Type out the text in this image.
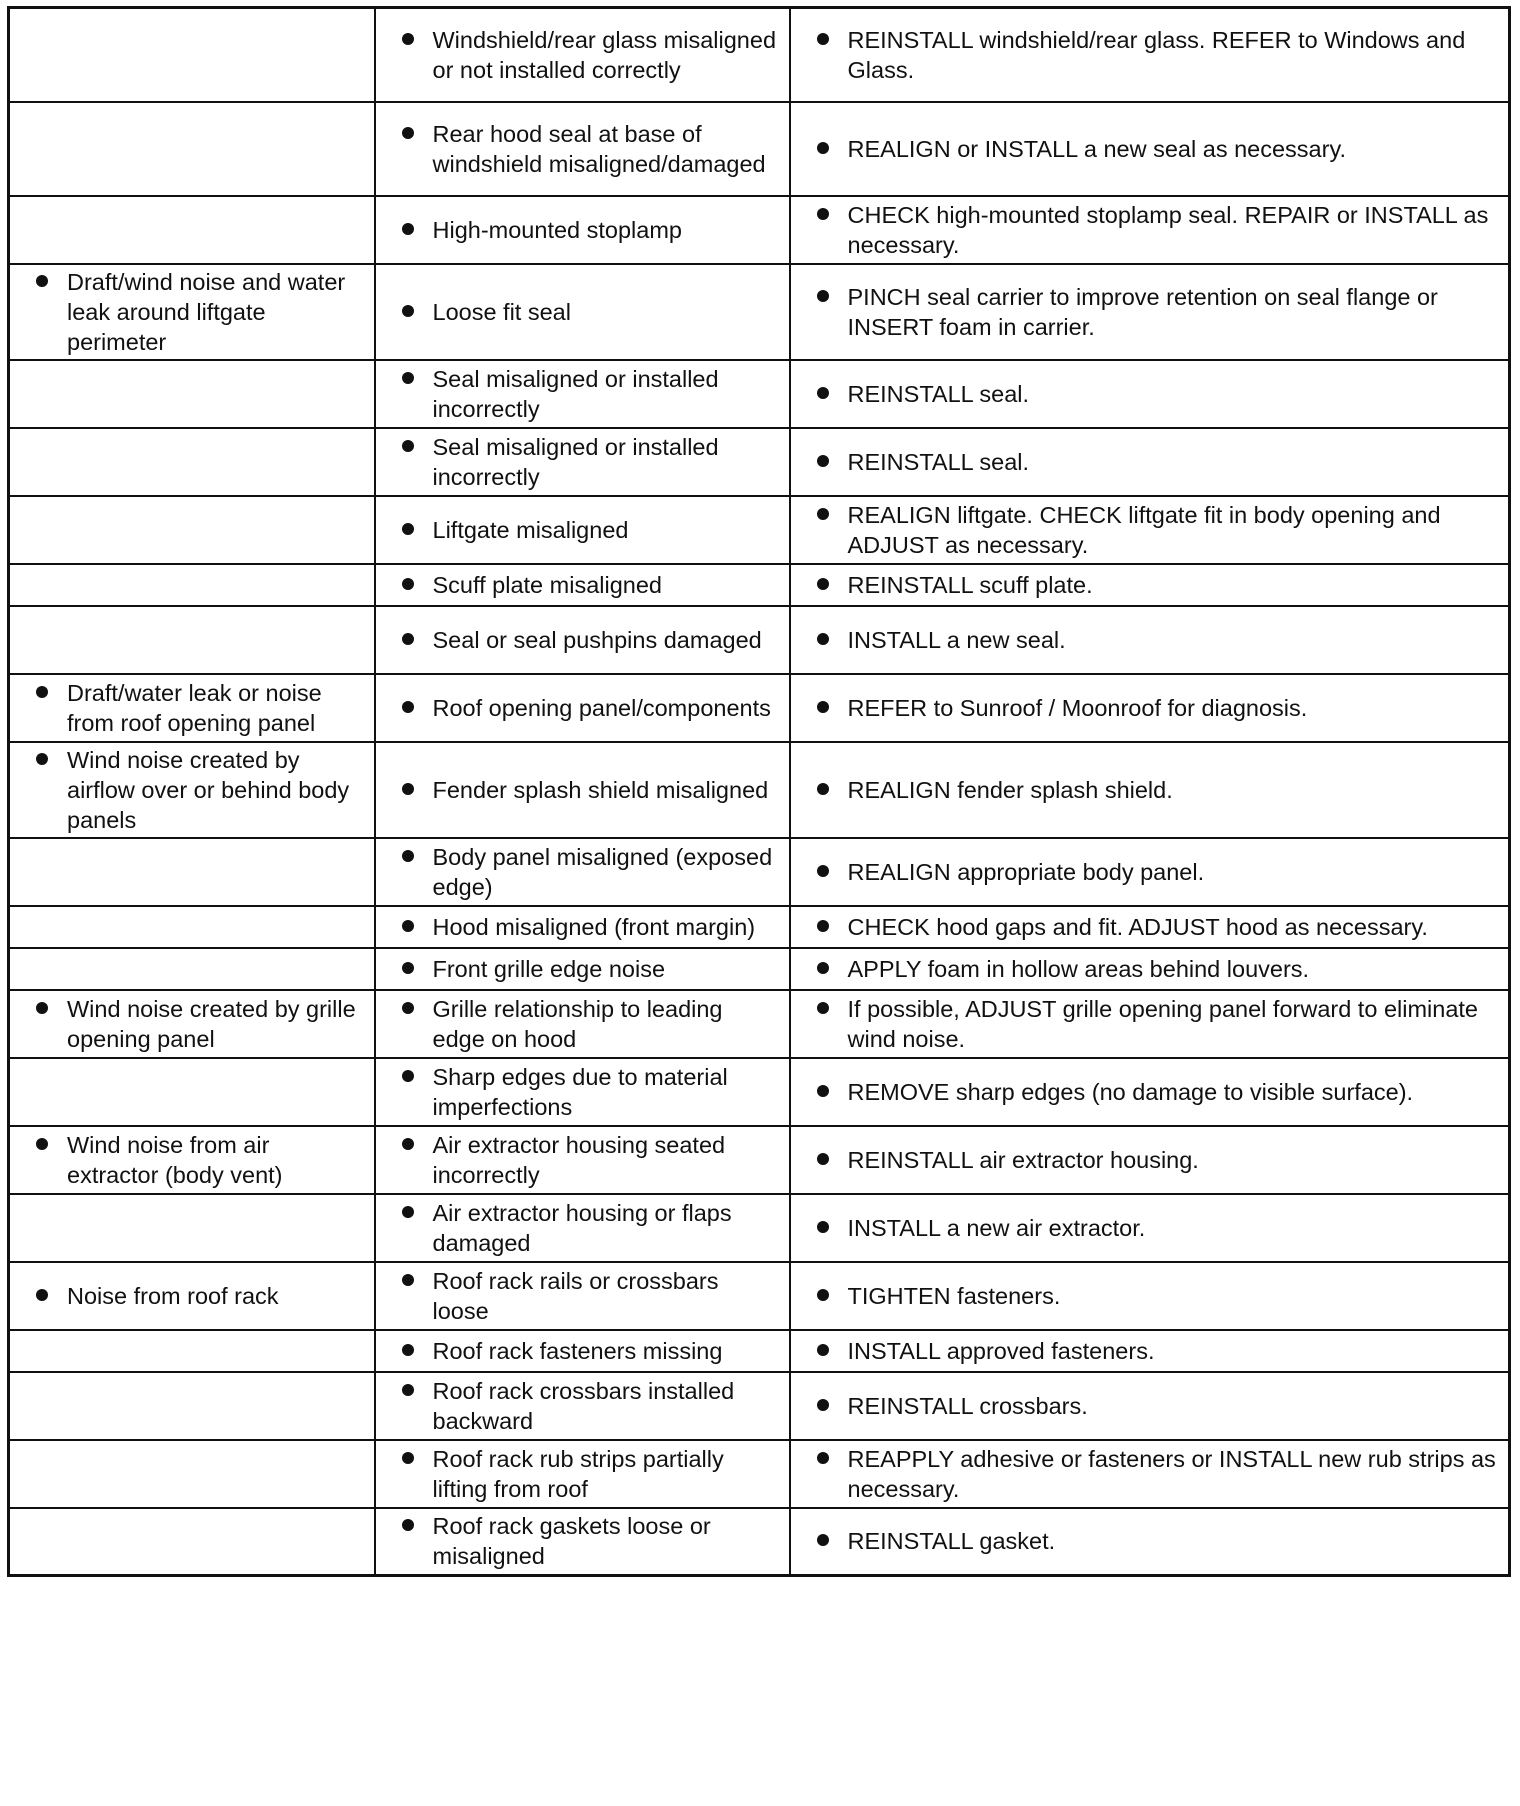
	Windshield/rear glass misaligned or not installed correctly	REINSTALL windshield/rear glass. REFER to Windows and Glass.

	Rear hood seal at base of windshield misaligned/damaged	REALIGN or INSTALL a new seal as necessary.

	High-mounted stoplamp	CHECK high-mounted stoplamp seal. REPAIR or INSTALL as necessary.

Draft/wind noise and water leak around liftgate perimeter	Loose fit seal	PINCH seal carrier to improve retention on seal flange or INSERT foam in carrier.

	Seal misaligned or installed incorrectly	REINSTALL seal.

	Seal misaligned or installed incorrectly	REINSTALL seal.

	Liftgate misaligned	REALIGN liftgate. CHECK liftgate fit in body opening and ADJUST as necessary.

	Scuff plate misaligned	REINSTALL scuff plate.

	Seal or seal pushpins damaged	INSTALL a new seal.

Draft/water leak or noise from roof opening panel	Roof opening panel/components	REFER to Sunroof / Moonroof for diagnosis.

Wind noise created by airflow over or behind body panels	Fender splash shield misaligned	REALIGN fender splash shield.

	Body panel misaligned (exposed edge)	REALIGN appropriate body panel.

	Hood misaligned (front margin)	CHECK hood gaps and fit. ADJUST hood as necessary.

	Front grille edge noise	APPLY foam in hollow areas behind louvers.

Wind noise created by grille opening panel	Grille relationship to leading edge on hood	If possible, ADJUST grille opening panel forward to eliminate wind noise.

	Sharp edges due to material imperfections	REMOVE sharp edges (no damage to visible surface).

Wind noise from air extractor (body vent)	Air extractor housing seated incorrectly	REINSTALL air extractor housing.

	Air extractor housing or flaps damaged	INSTALL a new air extractor.

Noise from roof rack	Roof rack rails or crossbars loose	TIGHTEN fasteners.

	Roof rack fasteners missing	INSTALL approved fasteners.

	Roof rack crossbars installed backward	REINSTALL crossbars.

	Roof rack rub strips partially lifting from roof	REAPPLY adhesive or fasteners or INSTALL new rub strips as necessary.

	Roof rack gaskets loose or misaligned	REINSTALL gasket.
